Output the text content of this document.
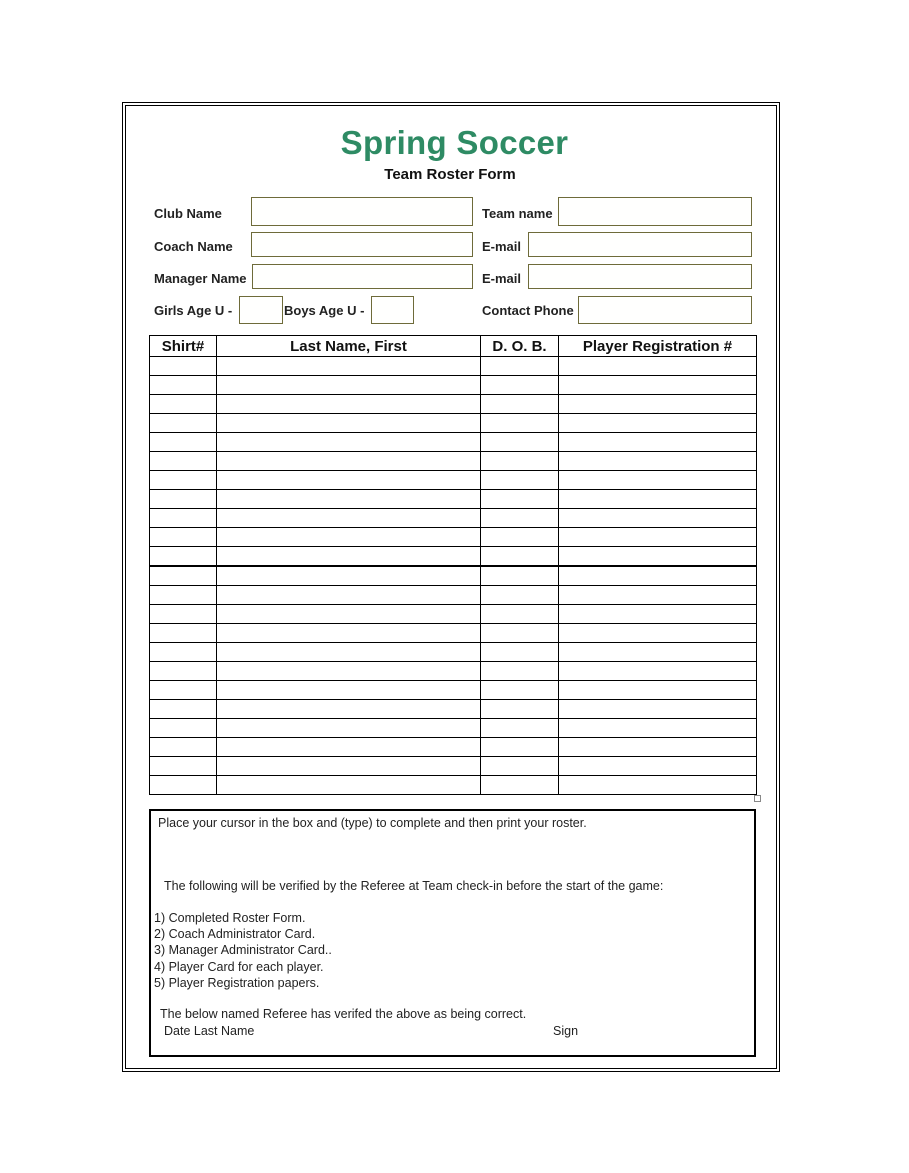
Spring Soccer
Team Roster Form
Club Name	Team name
Coach Name	E-mail
Manager Name	E-mail
Girls Age U -	Boys Age U -	Contact Phone
Shirt#	Last Name, First	D. O. B.	Player Registration #

Place your cursor in the box and (type) to complete and then print your roster.
The following will be verified by the Referee at Team check-in before the start of the game:
1) Completed Roster Form.
2) Coach Administrator Card.
3) Manager Administrator Card..
4) Player Card for each player.
5) Player Registration papers.
The below named Referee has verifed the above as being correct.
Date Last Name	Sign
